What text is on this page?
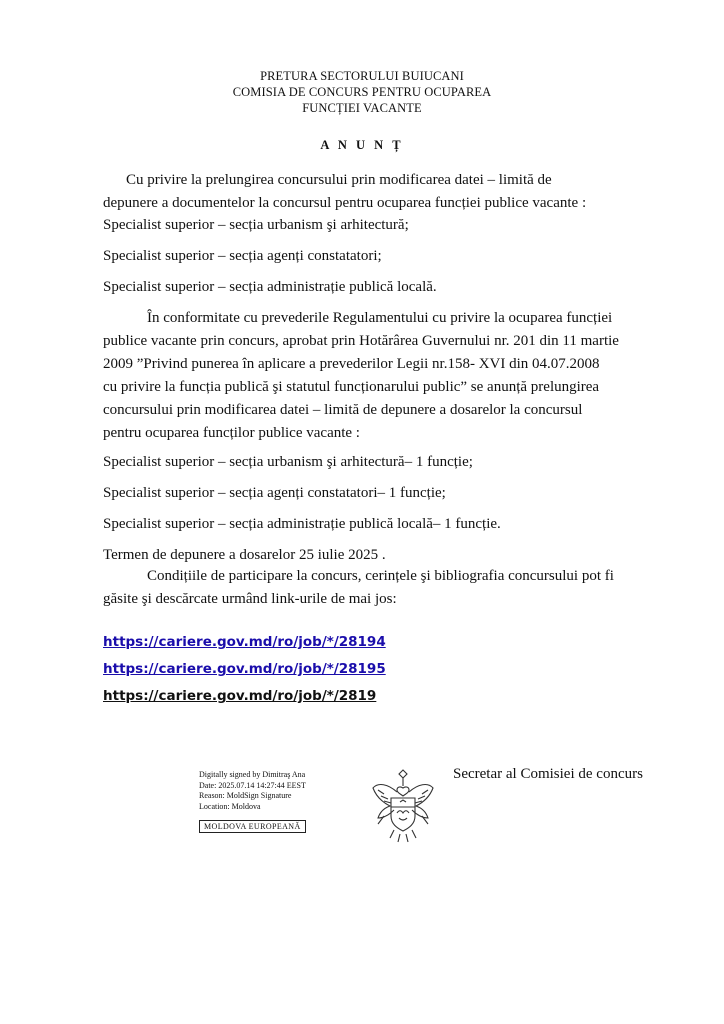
PRETURA SECTORULUI BUIUCANI
COMISIA DE CONCURS PENTRU OCUPAREA
FUNCȚIEI VACANTE
A N U N Ț
Cu privire la prelungirea concursului prin modificarea datei – limită de
depunere a documentelor la concursul pentru ocuparea funcției publice vacante :
Specialist superior – secția urbanism şi arhitectură;
Specialist superior – secția agenți constatatori;
Specialist superior – secția administrație publică locală.
În conformitate cu prevederile Regulamentului cu privire la ocuparea funcției
publice vacante prin concurs, aprobat prin Hotărârea Guvernului nr. 201 din 11 martie
2009 ”Privind punerea în aplicare a prevederilor Legii nr.158- XVI din 04.07.2008
cu privire la funcția publică şi statutul funcționarului public” se anunță prelungirea
concursului prin modificarea datei – limită de depunere a dosarelor la concursul
pentru ocuparea funcților publice vacante :
Specialist superior – secția urbanism şi arhitectură– 1 funcție;
Specialist superior – secția agenți constatatori– 1 funcție;
Specialist superior – secția administrație publică locală– 1 funcție.
Termen de depunere a dosarelor 25 iulie 2025 .
Condițiile de participare la concurs, cerințele şi bibliografia concursului pot fi
găsite şi descărcate urmând link-urile de mai jos:
https://cariere.gov.md/ro/job/*/28194
https://cariere.gov.md/ro/job/*/28195
https://cariere.gov.md/ro/job/*/2819
Digitally signed by Dimitraş Ana
Date: 2025.07.14 14:27:44 EEST
Reason: MoldSign Signature
Location: Moldova
MOLDOVA EUROPEANĂ
Secretar al Comisiei de concurs
